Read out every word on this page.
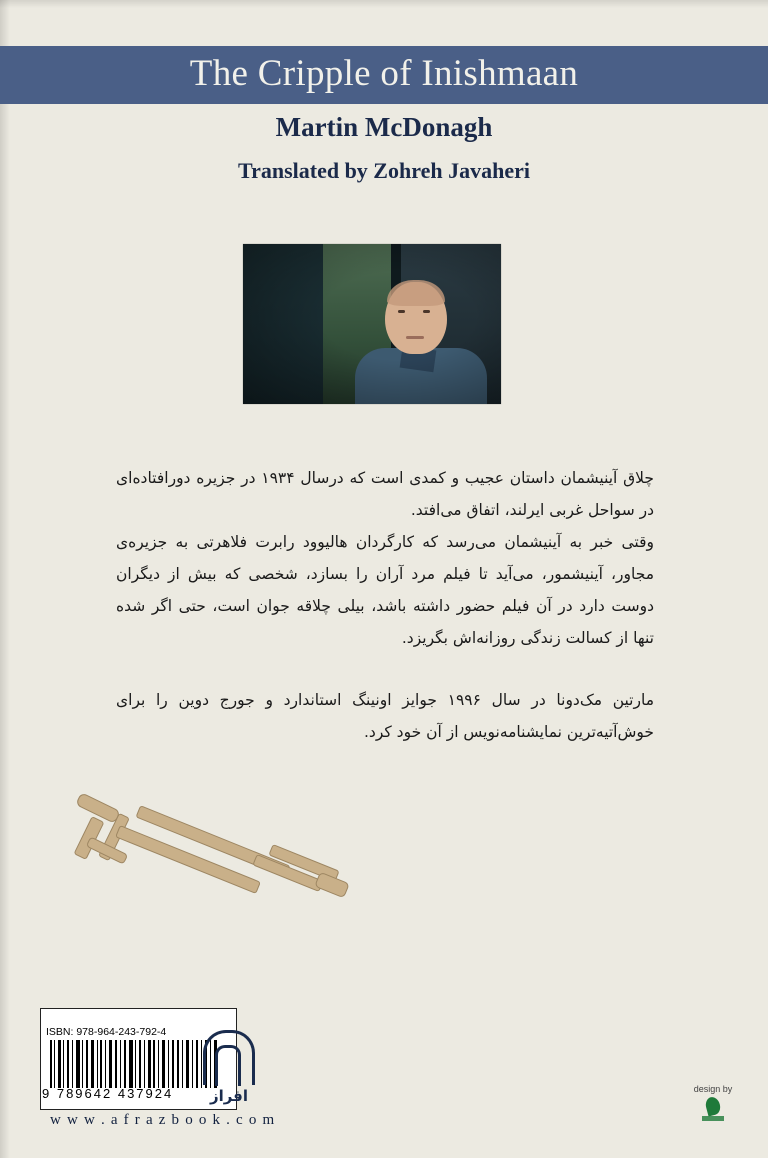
The Cripple of Inishmaan
Martin McDonagh
Translated by Zohreh Javaheri

چلاق آینیشمان داستان عجیب و کمدی است که درسال ۱۹۳۴ در جزیره دورافتاده‌ای در سواحل غربی ایرلند، اتفاق می‌افتد.

وقتی خبر به آینیشمان می‌رسد که کارگردان هالیوود رابرت فلاهرتی به جزیره‌ی مجاور، آینیشمور، می‌آید تا فیلم مرد آران را بسازد، شخصی که بیش از دیگران دوست دارد در آن فیلم حضور داشته باشد، بیلی چلاقه جوان است، حتی اگر شده تنها از کسالت زندگی روزانه‌اش بگریزد.

مارتین مک‌دونا در سال ۱۹۹۶ جوایز اونینگ استاندارد و جورج دوین را برای خوش‌آتیه‌ترین نمایشنامه‌نویس از آن خود کرد.

ISBN: 978-964-243-792-4
9 789642 437924	افراز
w w w . a f r a z b o o k . c o m
design by
